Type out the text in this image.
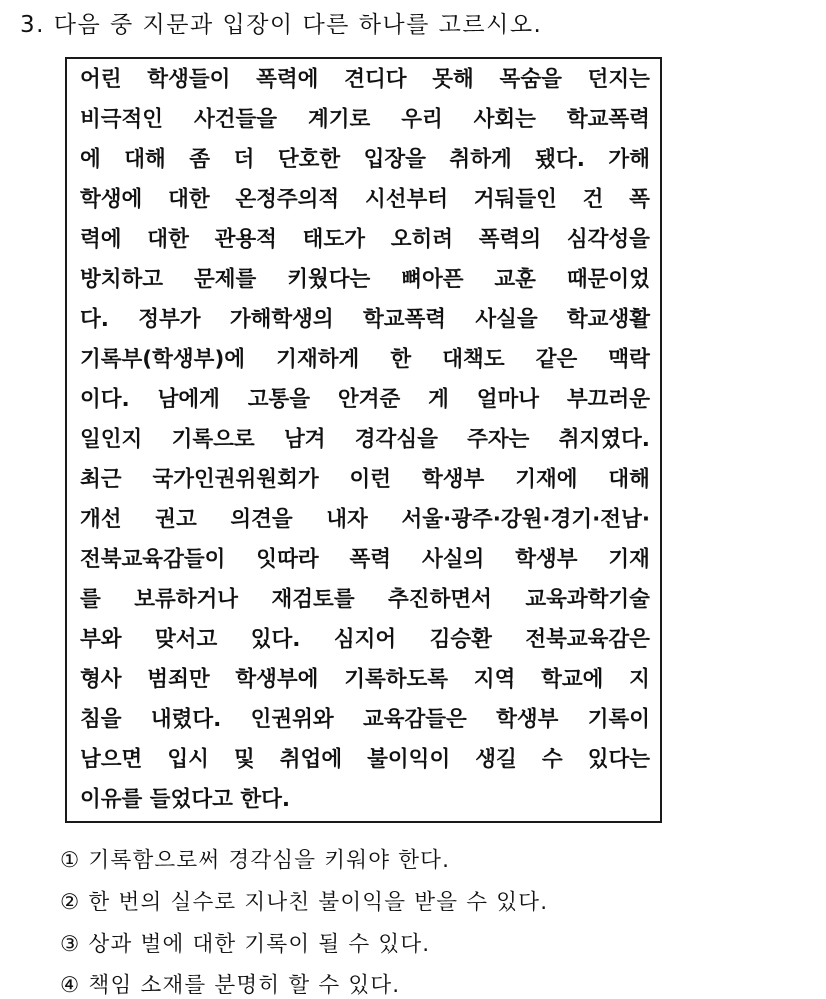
3. 다음 중 지문과 입장이 다른 하나를 고르시오.
어린 학생들이 폭력에 견디다 못해 목숨을 던지는
비극적인 사건들을 계기로 우리 사회는 학교폭력
에 대해 좀 더 단호한 입장을 취하게 됐다. 가해
학생에 대한 온정주의적 시선부터 거둬들인 건 폭
력에 대한 관용적 태도가 오히려 폭력의 심각성을
방치하고 문제를 키웠다는 뼈아픈 교훈 때문이었
다. 정부가 가해학생의 학교폭력 사실을 학교생활
기록부(학생부)에 기재하게 한 대책도 같은 맥락
이다. 남에게 고통을 안겨준 게 얼마나 부끄러운
일인지 기록으로 남겨 경각심을 주자는 취지였다.
최근 국가인권위원회가 이런 학생부 기재에 대해
개선 권고 의견을 내자 서울·광주·강원·경기·전남·
전북교육감들이 잇따라 폭력 사실의 학생부 기재
를 보류하거나 재검토를 추진하면서 교육과학기술
부와 맞서고 있다. 심지어 김승환 전북교육감은
형사 범죄만 학생부에 기록하도록 지역 학교에 지
침을 내렸다. 인권위와 교육감들은 학생부 기록이
남으면 입시 및 취업에 불이익이 생길 수 있다는
이유를 들었다고 한다.
① 기록함으로써 경각심을 키워야 한다.
② 한 번의 실수로 지나친 불이익을 받을 수 있다.
③ 상과 벌에 대한 기록이 될 수 있다.
④ 책임 소재를 분명히 할 수 있다.
